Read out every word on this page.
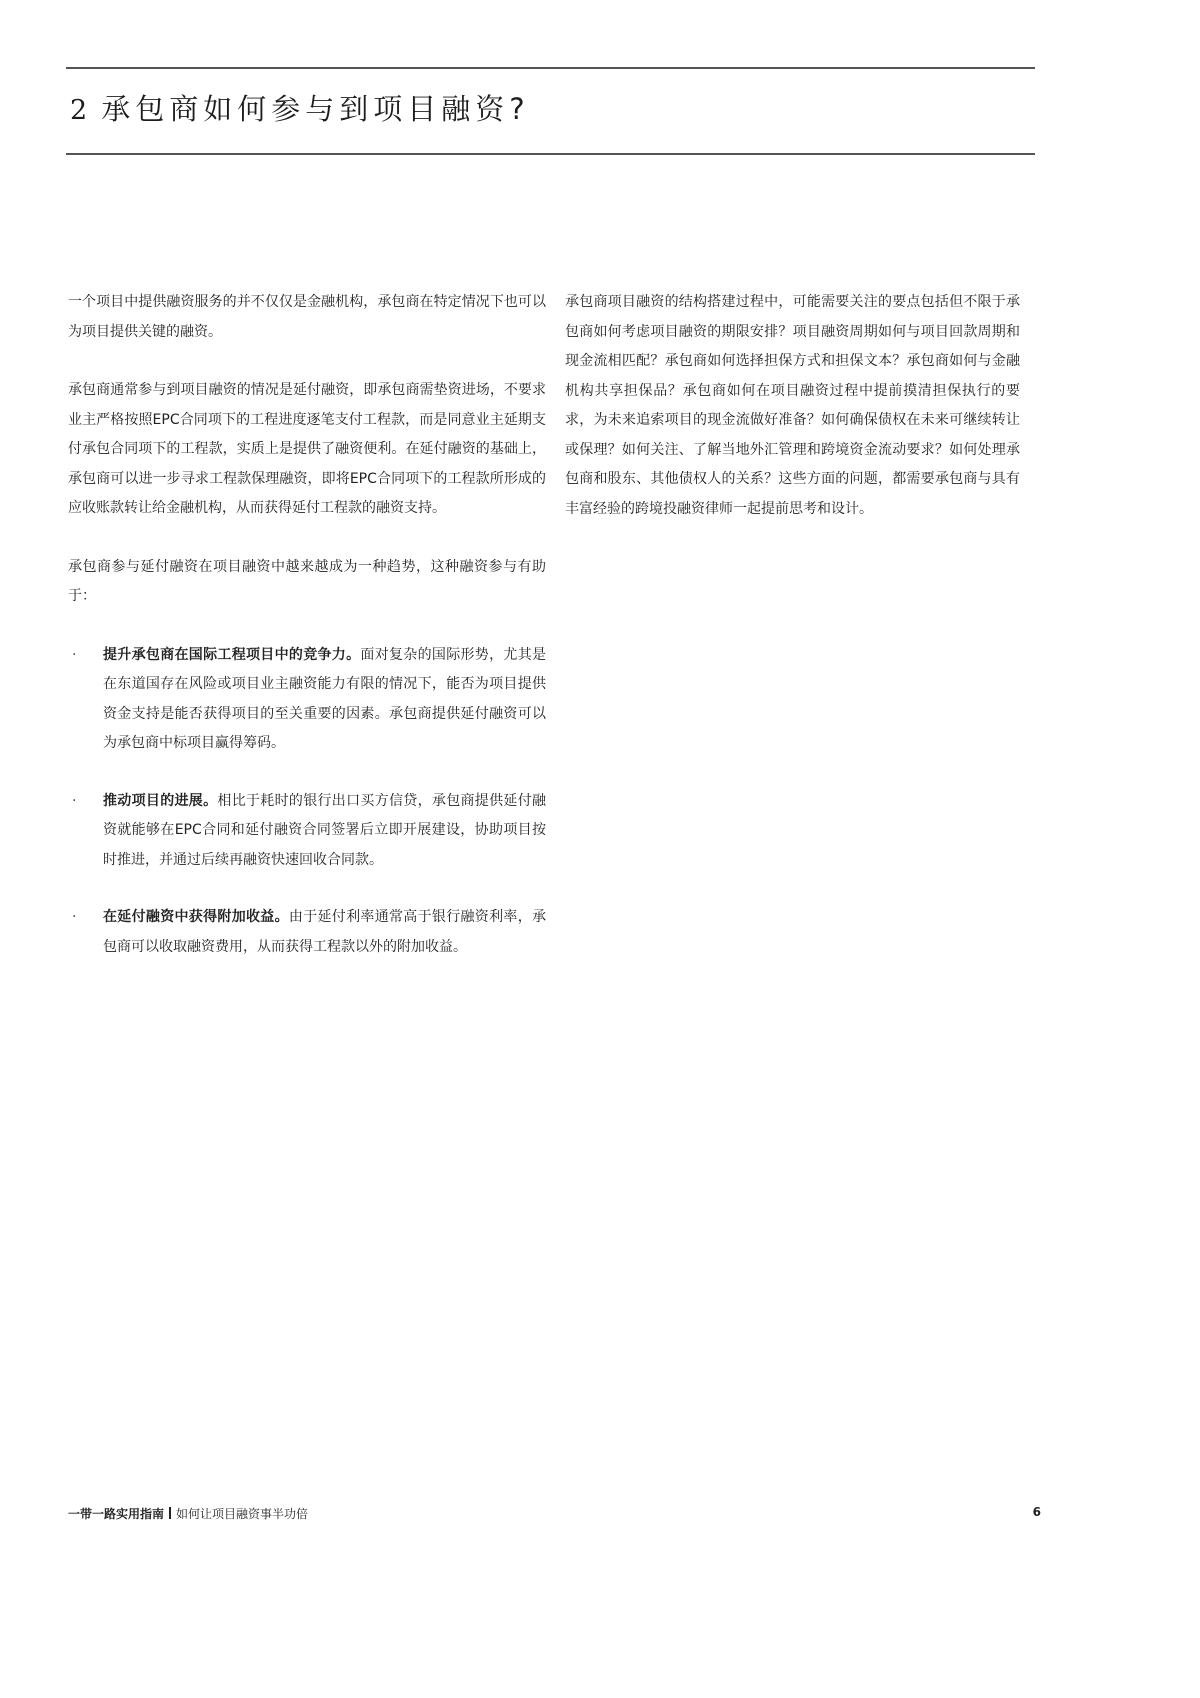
2 承包商如何参与到项目融资?

一个项目中提供融资服务的并不仅仅是金融机构，承包商在特定情况下也可以为项目提供关键的融资。

承包商通常参与到项目融资的情况是延付融资，即承包商需垫资进场，不要求业主严格按照EPC合同项下的工程进度逐笔支付工程款，而是同意业主延期支付承包合同项下的工程款，实质上是提供了融资便利。在延付融资的基础上，承包商可以进一步寻求工程款保理融资，即将EPC合同项下的工程款所形成的应收账款转让给金融机构，从而获得延付工程款的融资支持。

承包商参与延付融资在项目融资中越来越成为一种趋势，这种融资参与有助于：

· 提升承包商在国际工程项目中的竞争力。面对复杂的国际形势，尤其是在东道国存在风险或项目业主融资能力有限的情况下，能否为项目提供资金支持是能否获得项目的至关重要的因素。承包商提供延付融资可以为承包商中标项目赢得筹码。
· 推动项目的进展。相比于耗时的银行出口买方信贷，承包商提供延付融资就能够在EPC合同和延付融资合同签署后立即开展建设，协助项目按时推进，并通过后续再融资快速回收合同款。
· 在延付融资中获得附加收益。由于延付利率通常高于银行融资利率，承包商可以收取融资费用，从而获得工程款以外的附加收益。

承包商项目融资的结构搭建过程中，可能需要关注的要点包括但不限于承包商如何考虑项目融资的期限安排？项目融资周期如何与项目回款周期和现金流相匹配？承包商如何选择担保方式和担保文本？承包商如何与金融机构共享担保品？承包商如何在项目融资过程中提前摸清担保执行的要求，为未来追索项目的现金流做好准备？如何确保债权在未来可继续转让或保理？如何关注、了解当地外汇管理和跨境资金流动要求？如何处理承包商和股东、其他债权人的关系？这些方面的问题，都需要承包商与具有丰富经验的跨境投融资律师一起提前思考和设计。

一带一路实用指南 如何让项目融资事半功倍	6
